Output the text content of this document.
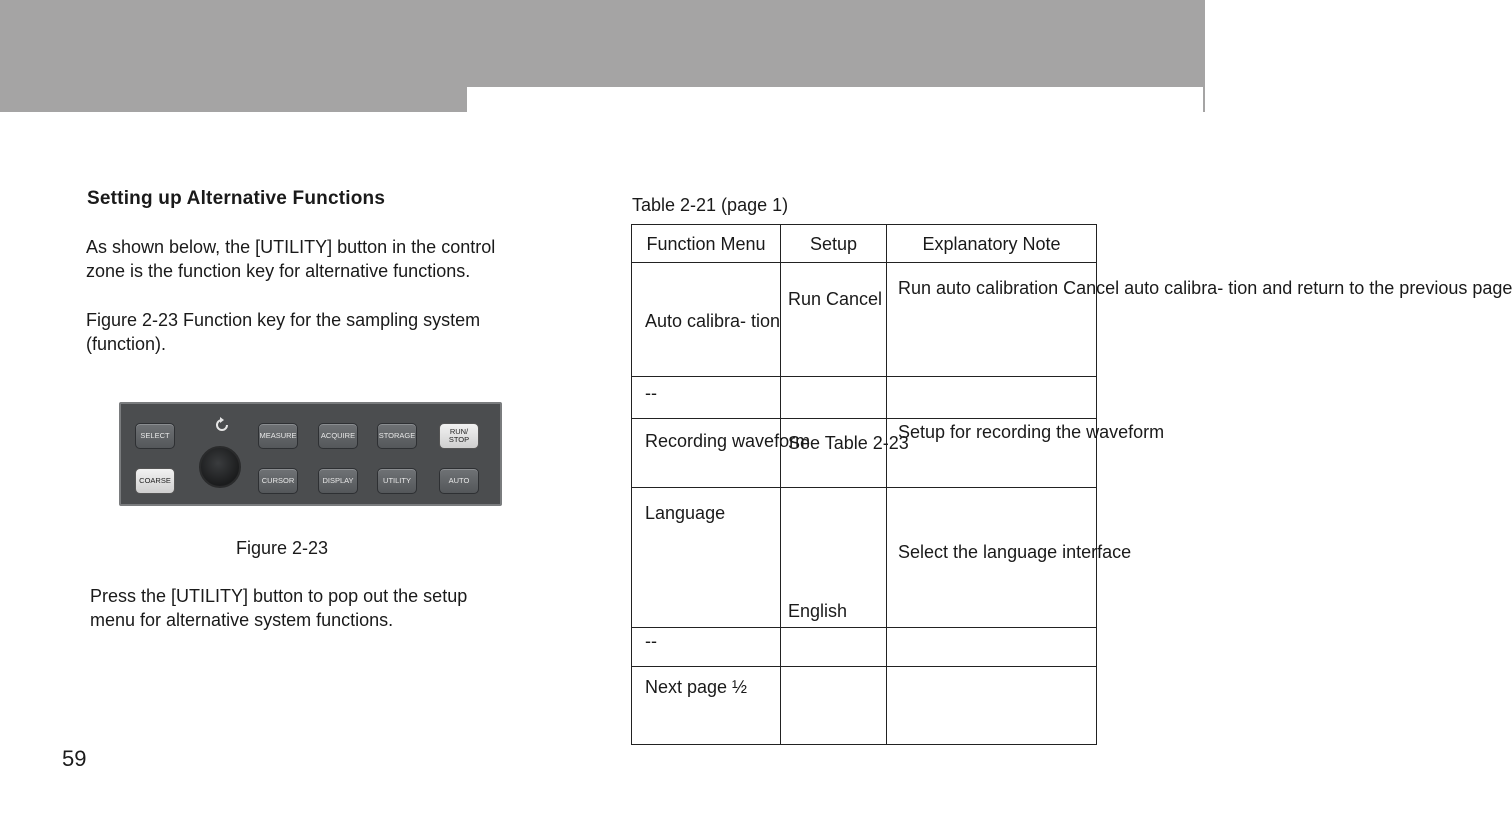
Setting up Alternative Functions

As shown below, the [UTILITY] button in the control
zone is the function key for alternative functions.

Figure 2-23 Function key for the sampling system
(function).

SELECT	MEASURE	ACQUIRE	STORAGE	RUN/
STOP
COARSE	CURSOR	DISPLAY	UTILITY	AUTO

Figure 2-23

Press the [UTILITY] button to pop out the setup
menu for alternative system functions.

59

Table 2-21 (page 1)

Function Menu	Setup	Explanatory Note

Auto calibra- tion	Run Cancel	Run auto calibration Cancel auto calibra- tion and return to the previous page

--		

Recording waveform	See Table 2-23	Setup for recording the waveform

Language	English	Select the language interface

--		

Next page ½		
